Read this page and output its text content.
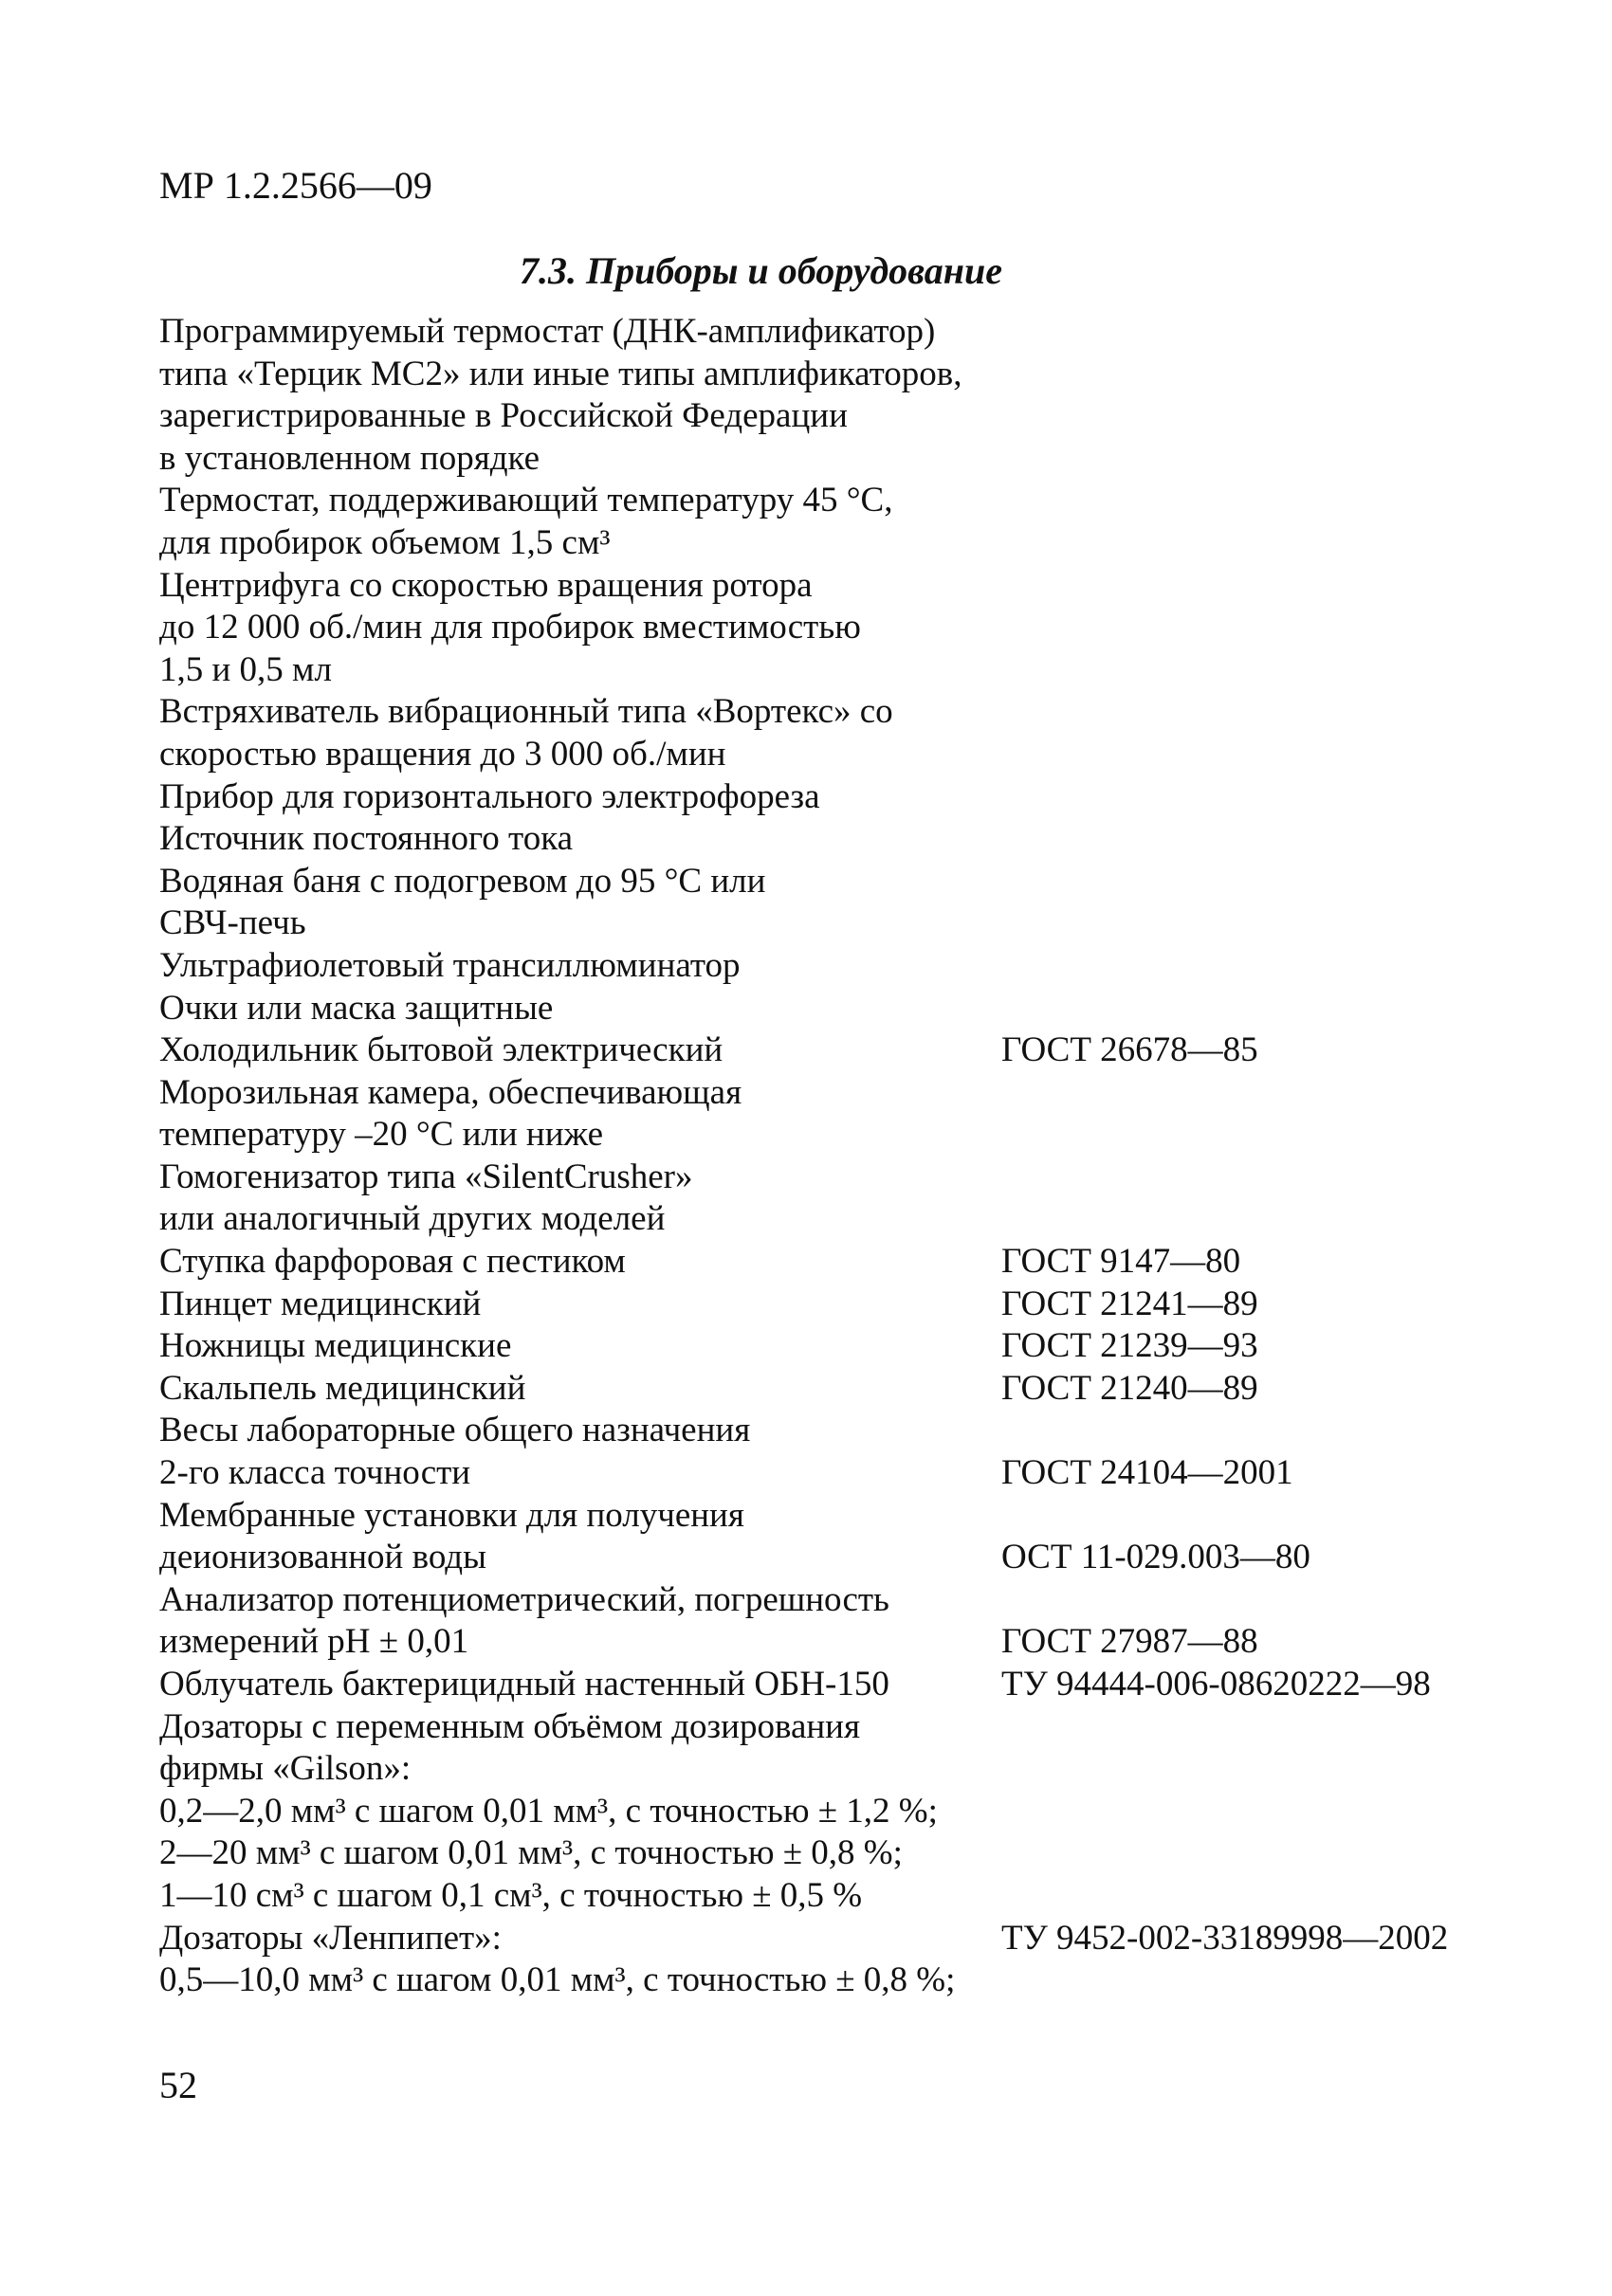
МР 1.2.2566—09
7.3. Приборы и оборудование
Программируемый термостат (ДНК-амплификатор)
типа «Терцик МС2» или иные типы амплификаторов,
зарегистрированные в Российской Федерации
в установленном порядке
Термостат, поддерживающий температуру 45 °С,
для пробирок объемом 1,5 см³
Центрифуга со скоростью вращения ротора
до 12 000 об./мин для пробирок вместимостью
1,5 и 0,5 мл
Встряхиватель вибрационный типа «Вортекс» со
скоростью вращения до 3 000 об./мин
Прибор для горизонтального электрофореза
Источник постоянного тока
Водяная баня с подогревом до 95 °С или
СВЧ-печь
Ультрафиолетовый трансиллюминатор
Очки или маска защитные
Холодильник бытовой электрический	ГОСТ 26678—85
Морозильная камера, обеспечивающая
температуру –20 °С или ниже
Гомогенизатор типа «SilentCrusher»
или аналогичный других моделей
Ступка фарфоровая с пестиком	ГОСТ 9147—80
Пинцет медицинский	ГОСТ 21241—89
Ножницы медицинские	ГОСТ 21239—93
Скальпель медицинский	ГОСТ 21240—89
Весы лабораторные общего назначения
2-го класса точности	ГОСТ 24104—2001
Мембранные установки для получения
деионизованной воды	ОСТ 11-029.003—80
Анализатор потенциометрический, погрешность
измерений pH ± 0,01	ГОСТ 27987—88
Облучатель бактерицидный настенный ОБН-150	ТУ 94444-006-08620222—98
Дозаторы с переменным объёмом дозирования
фирмы «Gilson»:
0,2—2,0 мм³ с шагом 0,01 мм³, с точностью ± 1,2 %;
2—20 мм³ с шагом 0,01 мм³, с точностью ± 0,8 %;
1—10 см³ с шагом 0,1 см³, с точностью ± 0,5 %
Дозаторы «Ленпипет»:	ТУ 9452-002-33189998—2002
0,5—10,0 мм³ с шагом 0,01 мм³, с точностью ± 0,8 %;
52
